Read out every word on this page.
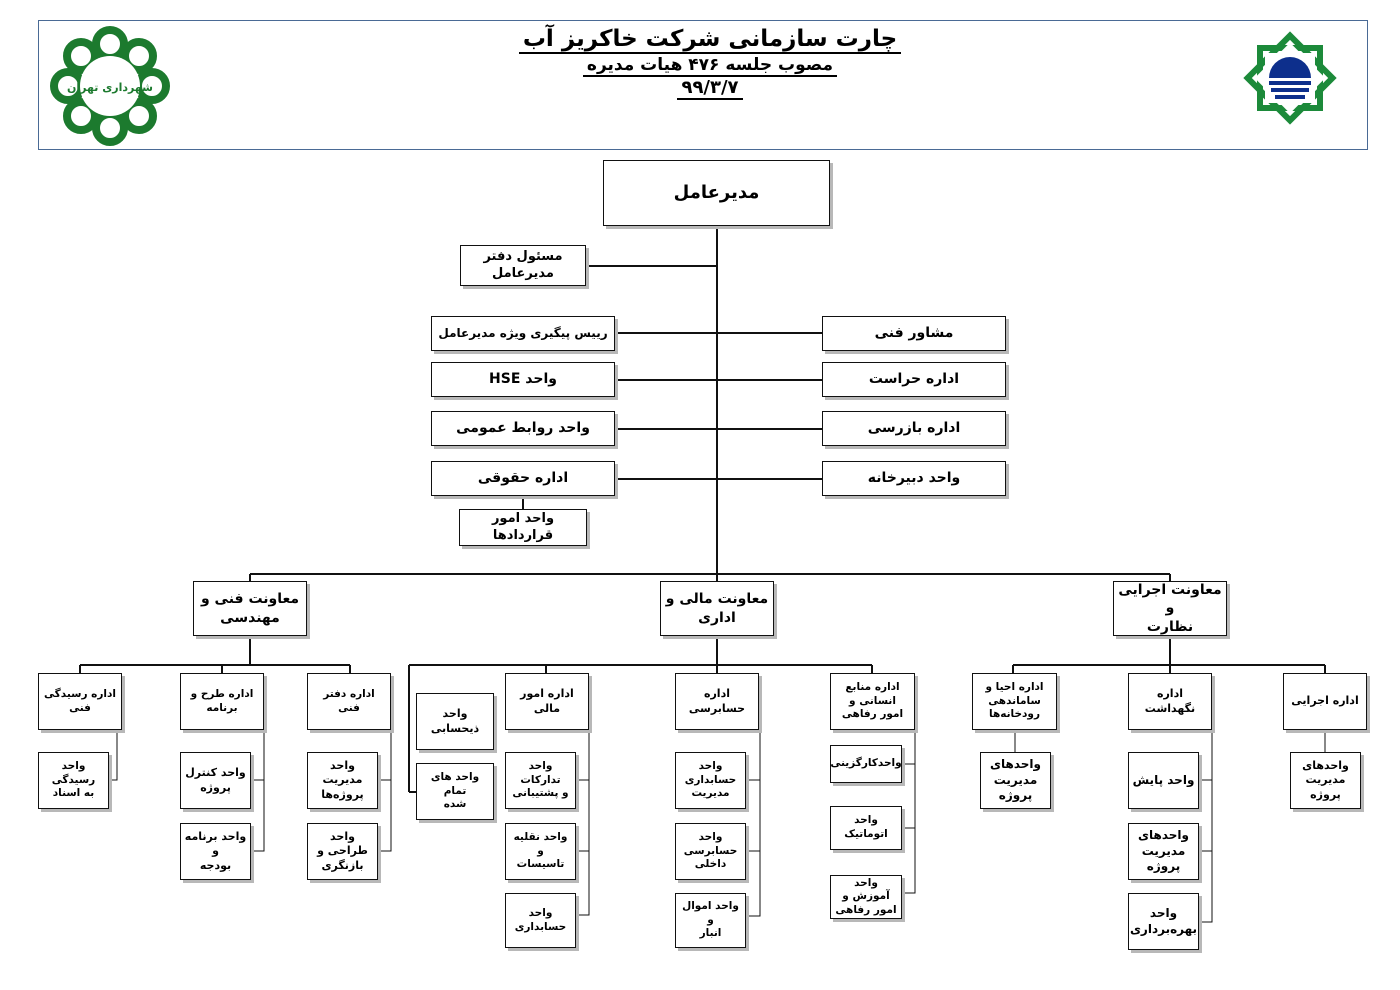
شهرداری تهران
چارت سازمانی شرکت خاکریز آب
مصوب جلسه ۴۷۶ هیات مدیره
۹۹/۳/۷
مدیرعامل
مسئول دفتر مدیرعامل
رییس پیگیری ویژه مدیرعامل
واحد HSE
واحد روابط عمومی
اداره حقوقی
واحد امور قراردادها
مشاور فنی
اداره حراست
اداره بازرسی
واحد دبیرخانه
معاونت فنی و
مهندسی
معاونت مالی و
اداری
معاونت اجرایی و
نظارت
اداره رسیدگی فنی
اداره طرح و برنامه
اداره دفتر فنی
واحد رسیدگی
به اسناد
واحد کنترل
پروژه
واحد برنامه و
بودجه
واحد مدیریت
پروژه‌ها
واحد طراحی و
بازنگری
واحد ذیحسابی
واحد های تمام
شده
اداره امور مالی
واحد تدارکات
و پشتیبانی
واحد نقلیه و
تاسیسات
واحد حسابداری
اداره حسابرسی
واحد حسابداری
مدیریت
واحد حسابرسی
داخلی
واحد اموال و
انبار
اداره منابع انسانی و
امور رفاهی
واحدکارگزینی
واحد
اتوماتیک
واحد آموزش و
امور رفاهی
اداره احیا و
ساماندهی
رودخانه‌ها
اداره نگهداشت
اداره اجرایی
واحدهای
مدیریت پروژه
واحد پایش
واحدهای
مدیریت پروژه
واحد
بهره‌برداری
واحدهای
مدیریت پروژه
